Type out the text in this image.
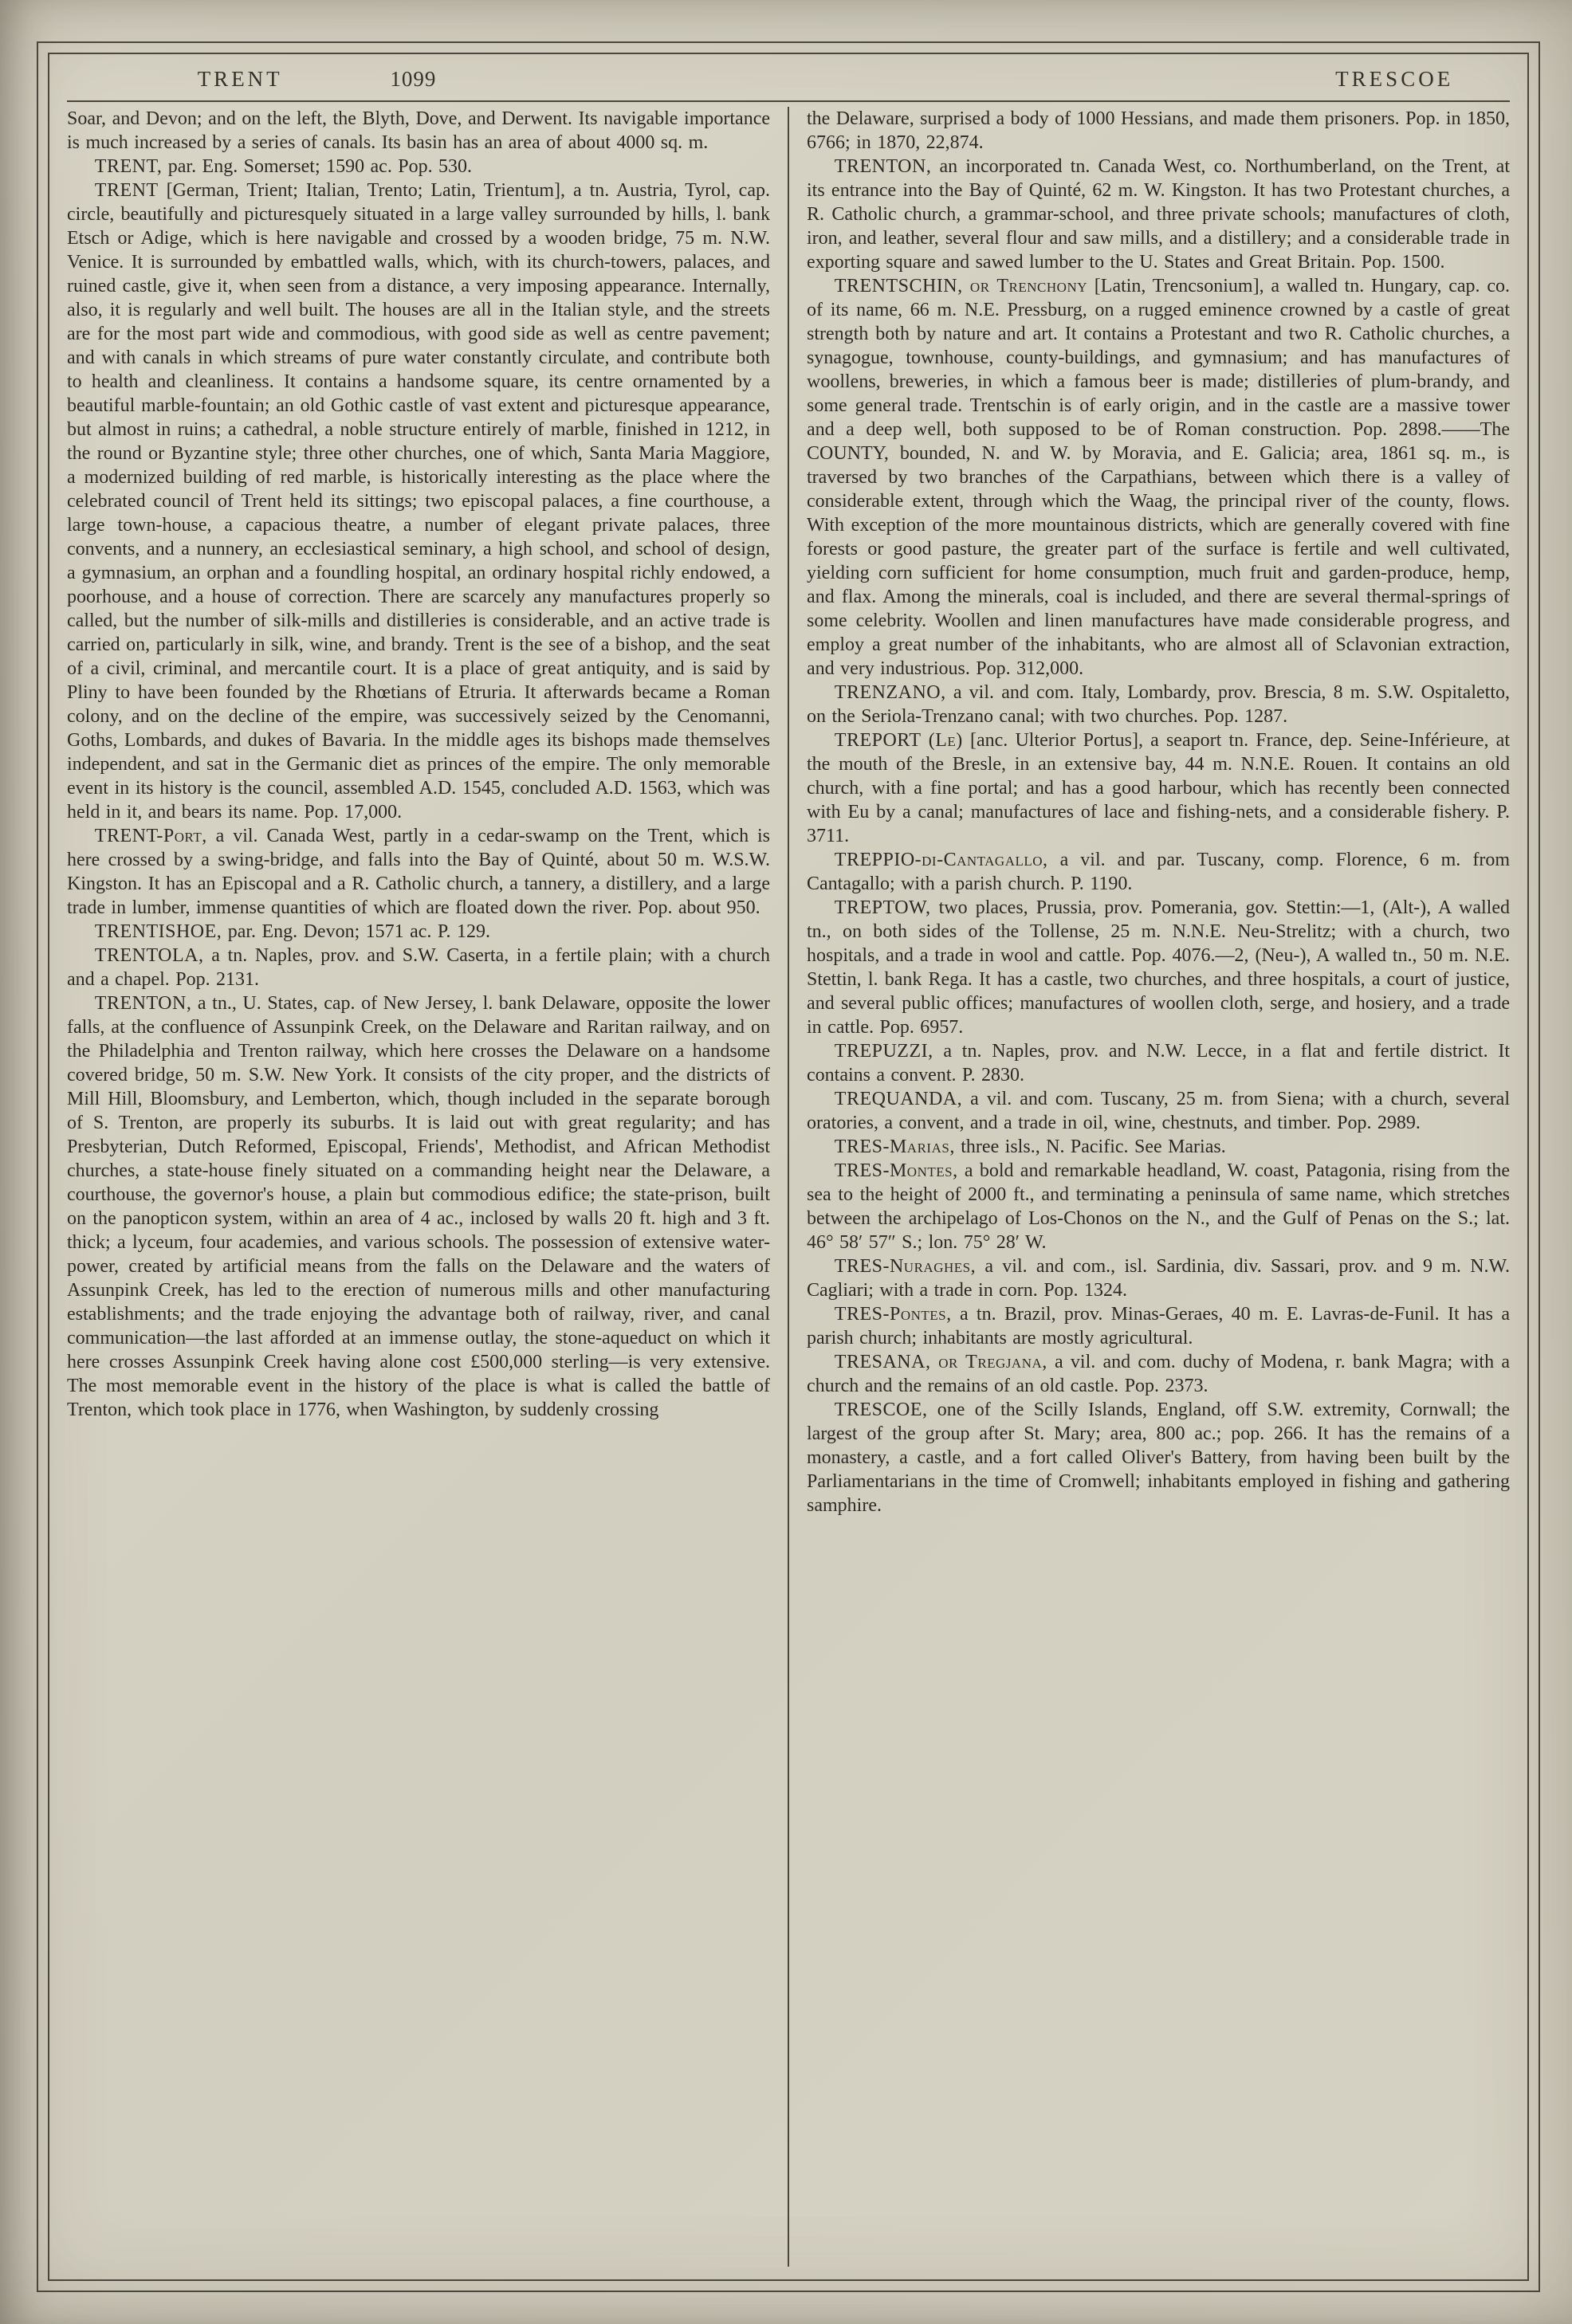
TRENT	1099	TRESCOE

Soar, and Devon; and on the left, the Blyth, Dove, and Derwent. Its navigable importance is much increased by a series of canals. Its basin has an area of about 4000 sq. m.

TRENT, par. Eng. Somerset; 1590 ac. Pop. 530.

TRENT [German, Trient; Italian, Trento; Latin, Trientum], a tn. Austria, Tyrol, cap. circle, beautifully and picturesquely situated in a large valley surrounded by hills, l. bank Etsch or Adige, which is here navigable and crossed by a wooden bridge, 75 m. N.W. Venice. It is surrounded by embattled walls, which, with its church-towers, palaces, and ruined castle, give it, when seen from a distance, a very imposing appearance. Internally, also, it is regularly and well built. The houses are all in the Italian style, and the streets are for the most part wide and commodious, with good side as well as centre pavement; and with canals in which streams of pure water constantly circulate, and contribute both to health and cleanliness. It contains a handsome square, its centre ornamented by a beautiful marble-fountain; an old Gothic castle of vast extent and picturesque appearance, but almost in ruins; a cathedral, a noble structure entirely of marble, finished in 1212, in the round or Byzantine style; three other churches, one of which, Santa Maria Maggiore, a modernized building of red marble, is historically interesting as the place where the celebrated council of Trent held its sittings; two episcopal palaces, a fine courthouse, a large town-house, a capacious theatre, a number of elegant private palaces, three convents, and a nunnery, an ecclesiastical seminary, a high school, and school of design, a gymnasium, an orphan and a foundling hospital, an ordinary hospital richly endowed, a poorhouse, and a house of correction. There are scarcely any manufactures properly so called, but the number of silk-mills and distilleries is considerable, and an active trade is carried on, particularly in silk, wine, and brandy. Trent is the see of a bishop, and the seat of a civil, criminal, and mercantile court. It is a place of great antiquity, and is said by Pliny to have been founded by the Rhœtians of Etruria. It afterwards became a Roman colony, and on the decline of the empire, was successively seized by the Cenomanni, Goths, Lombards, and dukes of Bavaria. In the middle ages its bishops made themselves independent, and sat in the Germanic diet as princes of the empire. The only memorable event in its history is the council, assembled A.D. 1545, concluded A.D. 1563, which was held in it, and bears its name. Pop. 17,000.

TRENT-Port, a vil. Canada West, partly in a cedar-swamp on the Trent, which is here crossed by a swing-bridge, and falls into the Bay of Quinté, about 50 m. W.S.W. Kingston. It has an Episcopal and a R. Catholic church, a tannery, a distillery, and a large trade in lumber, immense quantities of which are floated down the river. Pop. about 950.

TRENTISHOE, par. Eng. Devon; 1571 ac. P. 129.

TRENTOLA, a tn. Naples, prov. and S.W. Caserta, in a fertile plain; with a church and a chapel. Pop. 2131.

TRENTON, a tn., U. States, cap. of New Jersey, l. bank Delaware, opposite the lower falls, at the confluence of Assunpink Creek, on the Delaware and Raritan railway, and on the Philadelphia and Trenton railway, which here crosses the Delaware on a handsome covered bridge, 50 m. S.W. New York. It consists of the city proper, and the districts of Mill Hill, Bloomsbury, and Lemberton, which, though included in the separate borough of S. Trenton, are properly its suburbs. It is laid out with great regularity; and has Presbyterian, Dutch Reformed, Episcopal, Friends', Methodist, and African Methodist churches, a state-house finely situated on a commanding height near the Delaware, a courthouse, the governor's house, a plain but commodious edifice; the state-prison, built on the panopticon system, within an area of 4 ac., inclosed by walls 20 ft. high and 3 ft. thick; a lyceum, four academies, and various schools. The possession of extensive water-power, created by artificial means from the falls on the Delaware and the waters of Assunpink Creek, has led to the erection of numerous mills and other manufacturing establishments; and the trade enjoying the advantage both of railway, river, and canal communication—the last afforded at an immense outlay, the stone-aqueduct on which it here crosses Assunpink Creek having alone cost £500,000 sterling—is very extensive. The most memorable event in the history of the place is what is called the battle of Trenton, which took place in 1776, when Washington, by suddenly crossing

the Delaware, surprised a body of 1000 Hessians, and made them prisoners. Pop. in 1850, 6766; in 1870, 22,874.

TRENTON, an incorporated tn. Canada West, co. Northumberland, on the Trent, at its entrance into the Bay of Quinté, 62 m. W. Kingston. It has two Protestant churches, a R. Catholic church, a grammar-school, and three private schools; manufactures of cloth, iron, and leather, several flour and saw mills, and a distillery; and a considerable trade in exporting square and sawed lumber to the U. States and Great Britain. Pop. 1500.

TRENTSCHIN, or Trenchony [Latin, Trencsonium], a walled tn. Hungary, cap. co. of its name, 66 m. N.E. Pressburg, on a rugged eminence crowned by a castle of great strength both by nature and art. It contains a Protestant and two R. Catholic churches, a synagogue, townhouse, county-buildings, and gymnasium; and has manufactures of woollens, breweries, in which a famous beer is made; distilleries of plum-brandy, and some general trade. Trentschin is of early origin, and in the castle are a massive tower and a deep well, both supposed to be of Roman construction. Pop. 2898.——The COUNTY, bounded, N. and W. by Moravia, and E. Galicia; area, 1861 sq. m., is traversed by two branches of the Carpathians, between which there is a valley of considerable extent, through which the Waag, the principal river of the county, flows. With exception of the more mountainous districts, which are generally covered with fine forests or good pasture, the greater part of the surface is fertile and well cultivated, yielding corn sufficient for home consumption, much fruit and garden-produce, hemp, and flax. Among the minerals, coal is included, and there are several thermal-springs of some celebrity. Woollen and linen manufactures have made considerable progress, and employ a great number of the inhabitants, who are almost all of Sclavonian extraction, and very industrious. Pop. 312,000.

TRENZANO, a vil. and com. Italy, Lombardy, prov. Brescia, 8 m. S.W. Ospitaletto, on the Seriola-Trenzano canal; with two churches. Pop. 1287.

TREPORT (Le) [anc. Ulterior Portus], a seaport tn. France, dep. Seine-Inférieure, at the mouth of the Bresle, in an extensive bay, 44 m. N.N.E. Rouen. It contains an old church, with a fine portal; and has a good harbour, which has recently been connected with Eu by a canal; manufactures of lace and fishing-nets, and a considerable fishery. P. 3711.

TREPPIO-di-Cantagallo, a vil. and par. Tuscany, comp. Florence, 6 m. from Cantagallo; with a parish church. P. 1190.

TREPTOW, two places, Prussia, prov. Pomerania, gov. Stettin:—1, (Alt-), A walled tn., on both sides of the Tollense, 25 m. N.N.E. Neu-Strelitz; with a church, two hospitals, and a trade in wool and cattle. Pop. 4076.—2, (Neu-), A walled tn., 50 m. N.E. Stettin, l. bank Rega. It has a castle, two churches, and three hospitals, a court of justice, and several public offices; manufactures of woollen cloth, serge, and hosiery, and a trade in cattle. Pop. 6957.

TREPUZZI, a tn. Naples, prov. and N.W. Lecce, in a flat and fertile district. It contains a convent. P. 2830.

TREQUANDA, a vil. and com. Tuscany, 25 m. from Siena; with a church, several oratories, a convent, and a trade in oil, wine, chestnuts, and timber. Pop. 2989.

TRES-Marias, three isls., N. Pacific. See Marias.

TRES-Montes, a bold and remarkable headland, W. coast, Patagonia, rising from the sea to the height of 2000 ft., and terminating a peninsula of same name, which stretches between the archipelago of Los-Chonos on the N., and the Gulf of Penas on the S.; lat. 46° 58′ 57″ S.; lon. 75° 28′ W.

TRES-Nuraghes, a vil. and com., isl. Sardinia, div. Sassari, prov. and 9 m. N.W. Cagliari; with a trade in corn. Pop. 1324.

TRES-Pontes, a tn. Brazil, prov. Minas-Geraes, 40 m. E. Lavras-de-Funil. It has a parish church; inhabitants are mostly agricultural.

TRESANA, or Tregjana, a vil. and com. duchy of Modena, r. bank Magra; with a church and the remains of an old castle. Pop. 2373.

TRESCOE, one of the Scilly Islands, England, off S.W. extremity, Cornwall; the largest of the group after St. Mary; area, 800 ac.; pop. 266. It has the remains of a monastery, a castle, and a fort called Oliver's Battery, from having been built by the Parliamentarians in the time of Cromwell; inhabitants employed in fishing and gathering samphire.
